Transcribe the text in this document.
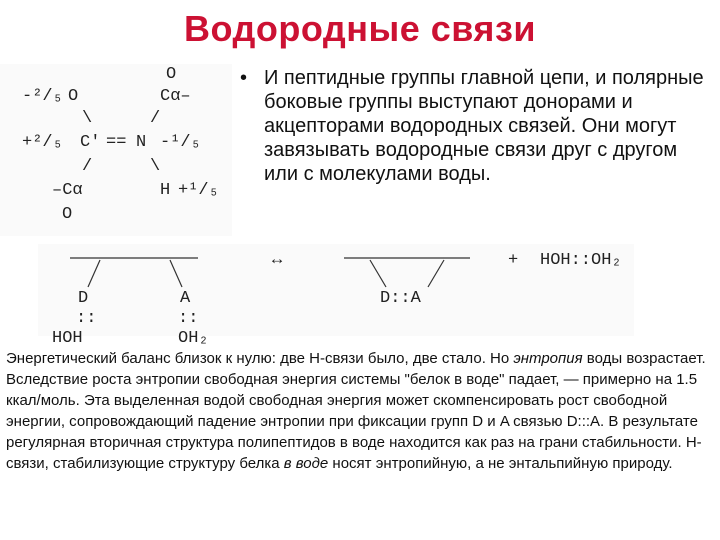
Водородные связи
O
-²/₅ O	Cα–
\	/
+²/₅ C′ == N -¹/₅
/	\
–Cα	H +¹/₅
O
• И пептидные группы главной цепи, и полярные боковые группы выступают донорами и акцепторами водородных связей. Они могут завязывать водородные связи друг с другом или с молекулами воды.
D	A
::	::
HOH	OH₂
↔
D::A
+ HOH::OH₂
Энергетический баланс близок к нулю: две Н-связи было, две стало. Но энтропия воды возрастает. Вследствие роста энтропии свободная энергия системы "белок в воде" падает, — примерно на 1.5 ккал/моль. Эта выделенная водой свободная энергия может скомпенсировать рост свободной энергии, сопровождающий падение энтропии при фиксации групп D и A связью D:::A. В результате регулярная вторичная структура полипептидов в воде находится как раз на грани стабильности. Н-связи, стабилизующие структуру белка в воде носят энтропийную, а не энтальпийную природу.
